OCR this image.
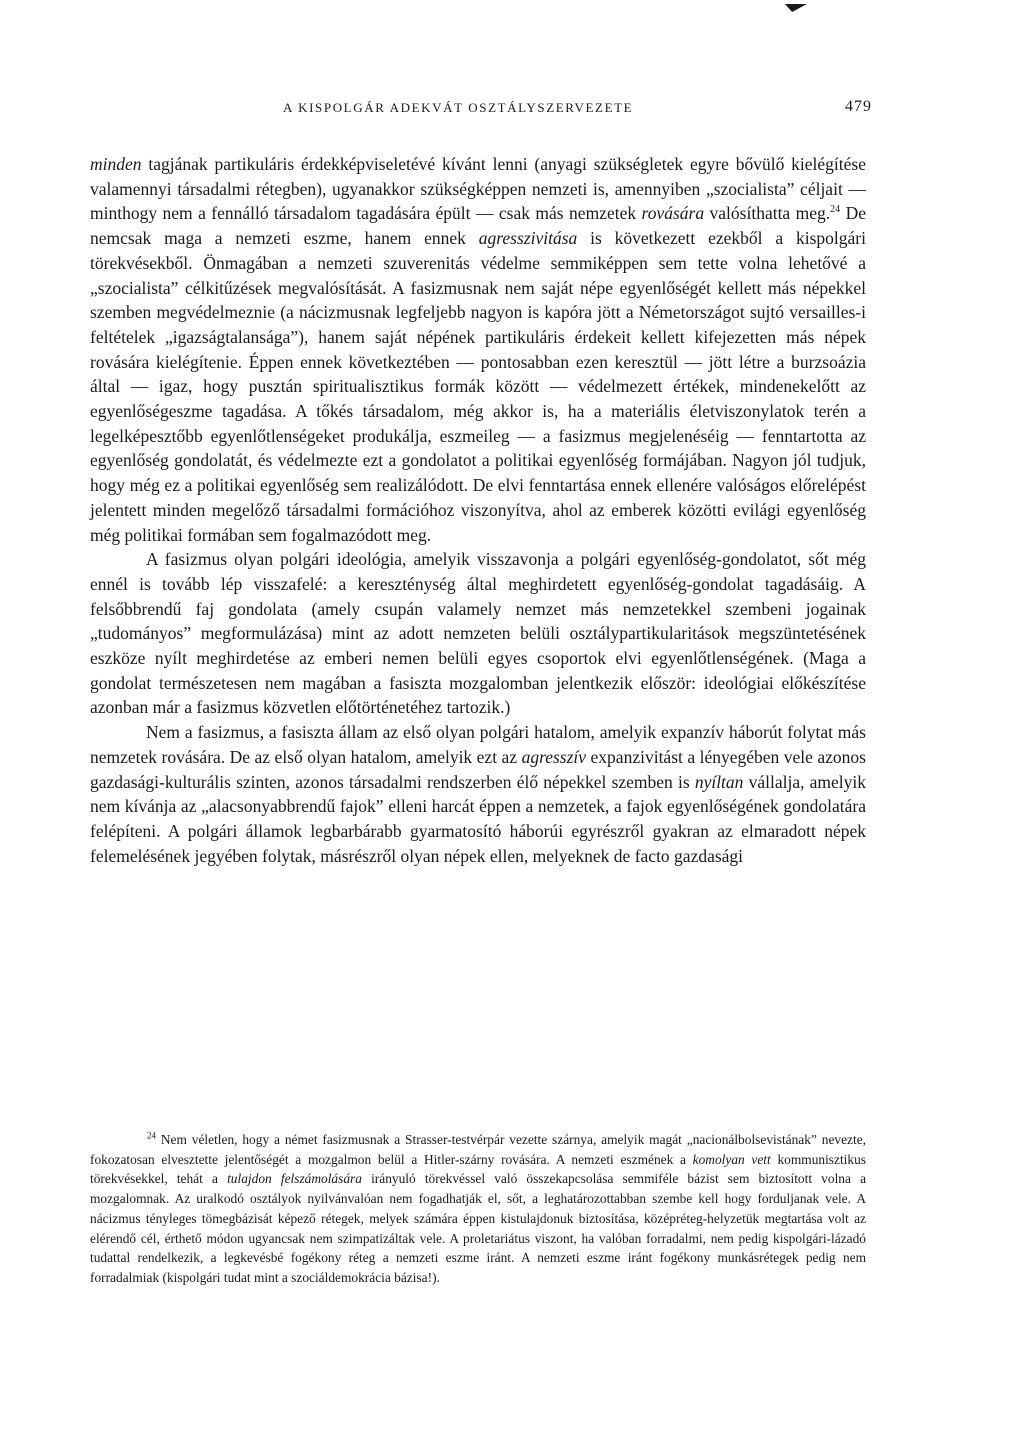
A KISPOLGÁR ADEKVÁT OSZTÁLYSZERVEZETE	479

minden tagjának partikuláris érdekképviseletévé kívánt lenni (anyagi szükségletek egyre bővülő kielégítése valamennyi társadalmi rétegben), ugyanakkor szükségképpen nemzeti is, amennyiben „szocialista” céljait — minthogy nem a fennálló társadalom tagadására épült — csak más nemzetek rovására valósíthatta meg.$^{24}$ De nemcsak maga a nemzeti eszme, hanem ennek agresszivitása is következett ezekből a kispolgári törekvésekből. Önmagában a nemzeti szuverenitás védelme semmiképpen sem tette volna lehetővé a „szocialista” célkitűzések megvalósítását. A fasizmusnak nem saját népe egyenlőségét kellett más népekkel szemben megvédelmeznie (a nácizmusnak legfeljebb nagyon is kapóra jött a Németországot sujtó versailles-i feltételek „igazságtalansága”), hanem saját népének partikuláris érdekeit kellett kifejezetten más népek rovására kielégítenie. Éppen ennek következtében — pontosabban ezen keresztül — jött létre a burzsoázia által — igaz, hogy pusztán spiritualisztikus formák között — védelmezett értékek, mindenekelőtt az egyenlőségeszme tagadása. A tőkés társadalom, még akkor is, ha a materiális életviszonylatok terén a legelképesztőbb egyenlőtlenségeket produkálja, eszmeileg — a fasizmus megjelenéséig — fenntartotta az egyenlőség gondolatát, és védelmezte ezt a gondolatot a politikai egyenlőség formájában. Nagyon jól tudjuk, hogy még ez a politikai egyenlőség sem realizálódott. De elvi fenntartása ennek ellenére valóságos előrelépést jelentett minden megelőző társadalmi formációhoz viszonyítva, ahol az emberek közötti evilági egyenlőség még politikai formában sem fogalmazódott meg.

A fasizmus olyan polgári ideológia, amelyik visszavonja a polgári egyenlőség-gondolatot, sőt még ennél is tovább lép visszafelé: a kereszténység által meghirdetett egyenlőség-gondolat tagadásáig. A felsőbbrendű faj gondolata (amely csupán valamely nemzet más nemzetekkel szembeni jogainak „tudományos” megformulázása) mint az adott nemzeten belüli osztálypartikularitások megszüntetésének eszköze nyílt meghirdetése az emberi nemen belüli egyes csoportok elvi egyenlőtlenségének. (Maga a gondolat természetesen nem magában a fasiszta mozgalomban jelentkezik először: ideológiai előkészítése azonban már a fasizmus közvetlen előtörténetéhez tartozik.)

Nem a fasizmus, a fasiszta állam az első olyan polgári hatalom, amelyik expanzív háborút folytat más nemzetek rovására. De az első olyan hatalom, amelyik ezt az agresszív expanzivitást a lényegében vele azonos gazdasági-kulturális szinten, azonos társadalmi rendszerben élő népekkel szemben is nyíltan vállalja, amelyik nem kívánja az „alacsonyabbrendű fajok” elleni harcát éppen a nemzetek, a fajok egyenlőségének gondolatára felépíteni. A polgári államok legbarbárabb gyarmatosító háborúi egyrészről gyakran az elmaradott népek felemelésének jegyében folytak, másrészről olyan népek ellen, melyeknek de facto gazdasági

$^{24}$ Nem véletlen, hogy a német fasizmusnak a Strasser-testvérpár vezette szárnya, amelyik magát „nacionálbolsevistának” nevezte, fokozatosan elvesztette jelentőségét a mozgalmon belül a Hitler-szárny rovására. A nemzeti eszmének a komolyan vett kommunisztikus törekvésekkel, tehát a tulajdon felszámolására irányuló törekvéssel való összekapcsolása semmiféle bázist sem biztosított volna a mozgalomnak. Az uralkodó osztályok nyilvánvalóan nem fogadhatják el, sőt, a leghatározottabban szembe kell hogy forduljanak vele. A nácizmus tényleges tömegbázisát képező rétegek, melyek számára éppen kistulajdonuk biztosítása, középréteg-helyzetük megtartása volt az elérendő cél, érthető módon ugyancsak nem szimpatizáltak vele. A proletariátus viszont, ha valóban forradalmi, nem pedig kispolgári-lázadó tudattal rendelkezik, a legkevésbé fogékony réteg a nemzeti eszme iránt. A nemzeti eszme iránt fogékony munkásrétegek pedig nem forradalmiak (kispolgári tudat mint a szociáldemokrácia bázisa!).
